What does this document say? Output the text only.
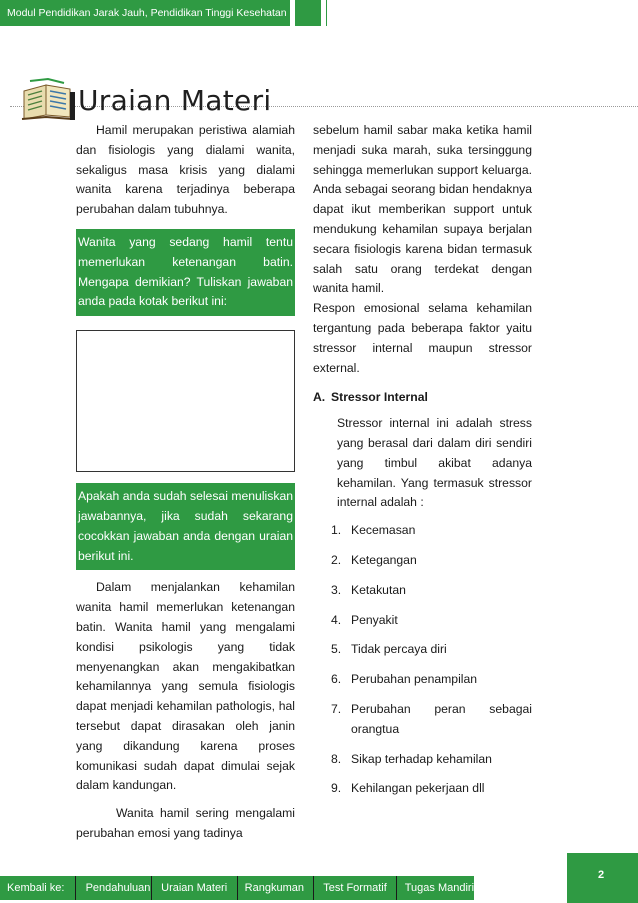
Modul Pendidikan Jarak Jauh, Pendidikan Tinggi Kesehatan
Uraian Materi

Hamil merupakan peristiwa alamiah dan fisiologis yang dialami wanita, sekaligus masa krisis yang dialami wanita karena terjadinya beberapa perubahan dalam tubuhnya.

Wanita yang sedang hamil tentu memerlukan ketenangan batin. Mengapa demikian? Tuliskan jawaban anda pada kotak berikut ini:
Apakah anda sudah selesai menuliskan jawabannya, jika sudah sekarang cocokkan jawaban anda dengan uraian berikut ini.

Dalam menjalankan kehamilan wanita hamil memerlukan ketenangan batin. Wanita hamil yang mengalami kondisi psikologis yang tidak menyenangkan akan mengakibatkan kehamilannya yang semula fisiologis dapat menjadi kehamilan pathologis, hal tersebut dapat dirasakan oleh janin yang dikandung karena proses komunikasi sudah dapat dimulai sejak dalam kandungan.

Wanita hamil sering mengalami perubahan emosi yang tadinya

sebelum hamil sabar maka ketika hamil menjadi suka marah, suka tersinggung sehingga memerlukan support keluarga. Anda sebagai seorang bidan hendaknya dapat ikut memberikan support untuk mendukung kehamilan supaya berjalan secara fisiologis karena bidan termasuk salah satu orang terdekat dengan wanita hamil.

Respon emosional selama kehamilan tergantung pada beberapa faktor yaitu stressor internal maupun stressor external.

A. Stressor Internal

Stressor internal ini adalah stress yang berasal dari dalam diri sendiri yang timbul akibat adanya kehamilan. Yang termasuk stressor internal adalah :

1. Kecemasan
2. Ketegangan
3. Ketakutan
4. Penyakit
5. Tidak percaya diri
6. Perubahan penampilan
7. Perubahan peran sebagai orangtua
8. Sikap terhadap kehamilan
9. Kehilangan pekerjaan dll
2
Kembali ke:	Pendahuluan Uraian Materi	Rangkuman	Test Formatif	Tugas Mandiri
